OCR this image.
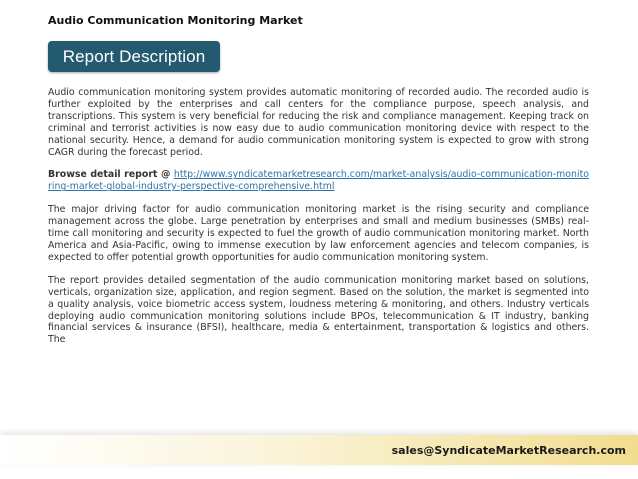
Audio Communication Monitoring Market
Report Description

Audio communication monitoring system provides automatic monitoring of recorded audio. The recorded audio is further exploited by the enterprises and call centers for the compliance purpose, speech analysis, and transcriptions. This system is very beneficial for reducing the risk and compliance management. Keeping track on criminal and terrorist activities is now easy due to audio communication monitoring device with respect to the national security. Hence, a demand for audio communication monitoring system is expected to grow with strong CAGR during the forecast period.

Browse detail report @ http://www.syndicatemarketresearch.com/market-analysis/audio-communication-monitoring-market-global-industry-perspective-comprehensive.html

The major driving factor for audio communication monitoring market is the rising security and compliance management across the globe. Large penetration by enterprises and small and medium businesses (SMBs) real-time call monitoring and security is expected to fuel the growth of audio communication monitoring market. North America and Asia-Pacific, owing to immense execution by law enforcement agencies and telecom companies, is expected to offer potential growth opportunities for audio communication monitoring system.

The report provides detailed segmentation of the audio communication monitoring market based on solutions, verticals, organization size, application, and region segment. Based on the solution, the market is segmented into a quality analysis, voice biometric access system, loudness metering & monitoring, and others. Industry verticals deploying audio communication monitoring solutions include BPOs, telecommunication & IT industry, banking financial services & insurance (BFSI), healthcare, media & entertainment, transportation & logistics and others. The

sales@SyndicateMarketResearch.com
